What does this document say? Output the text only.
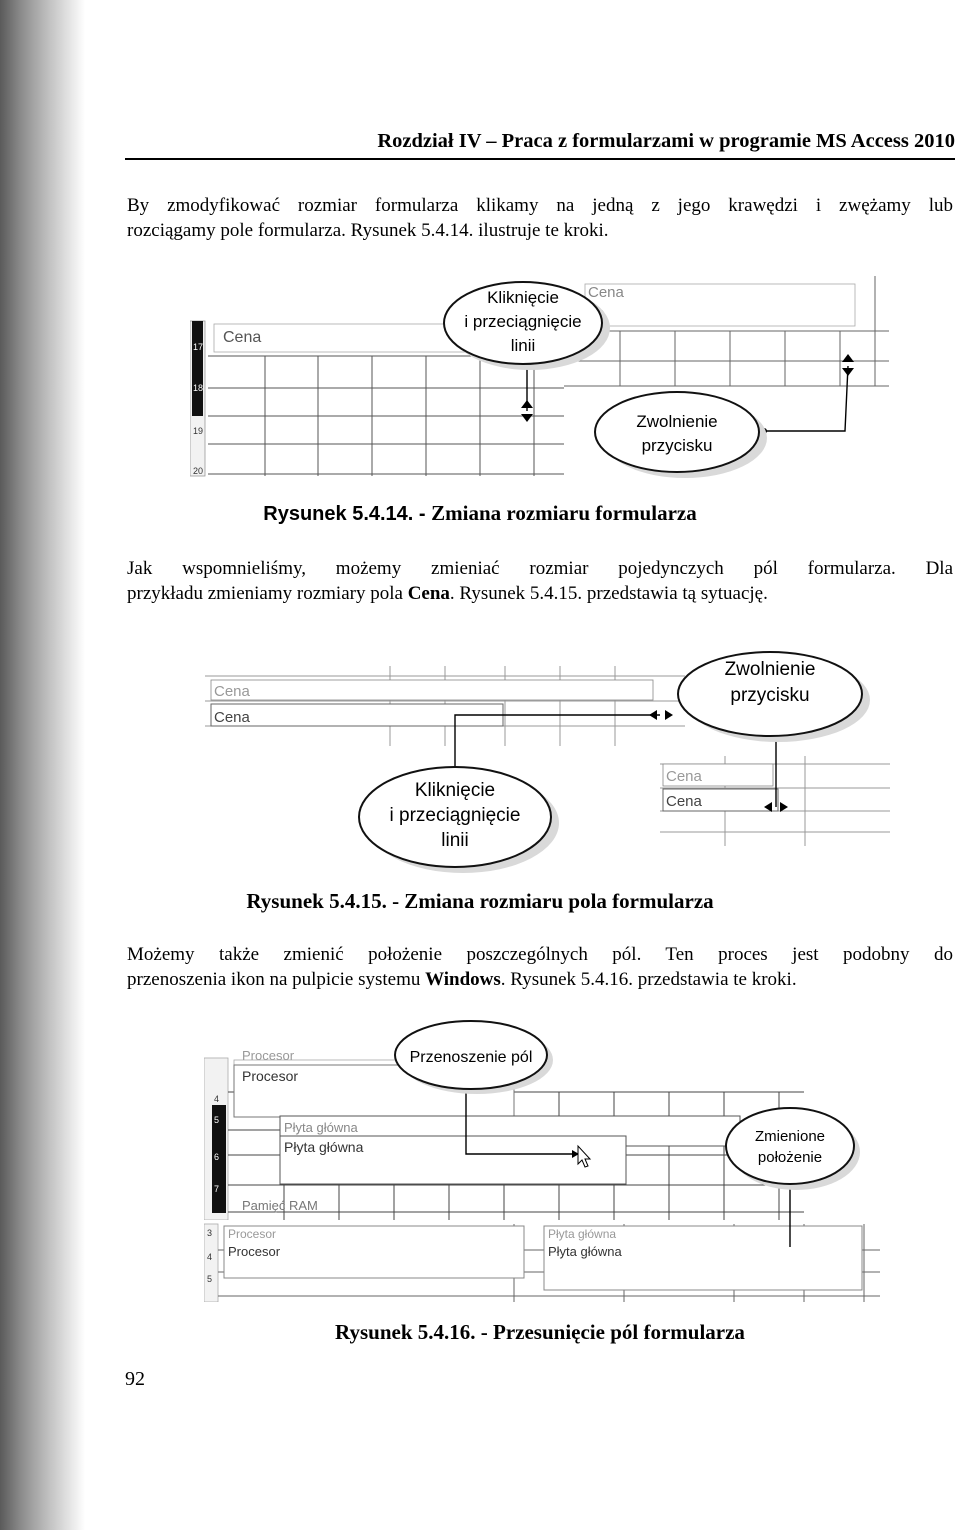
Rozdział IV – Praca z formularzami w programie MS Access 2010
By zmodyfikować rozmiar formularza klikamy na jedną z jego krawędzi i zwężamy lub
rozciągamy pole formularza. Rysunek 5.4.14. ilustruje te kroki.
Cena
17
18
19
20
Cena
Kliknięcie
i przeciągnięcie
linii
Zwolnienie
przycisku
Rysunek 5.4.14. - Zmiana rozmiaru formularza
Jak wspomnieliśmy, możemy zmieniać rozmiar pojedynczych pól formularza. Dla
przykładu zmieniamy rozmiary pola Cena. Rysunek 5.4.15. przedstawia tą sytuację.
Cena
Cena
Cena
Cena
Zwolnienie
przycisku
Kliknięcie
i przeciągnięcie
linii
Rysunek 5.4.15. - Zmiana rozmiaru pola formularza
Możemy także zmienić położenie poszczególnych pól. Ten proces jest podobny do
przenoszenia ikon na pulpicie systemu Windows. Rysunek 5.4.16. przedstawia te kroki.
4
5
6
7
Procesor
Procesor
Płyta główna
Płyta główna
Pamięć RAM
3
4
5
Procesor
Procesor
Płyta główna
Płyta główna
Przenoszenie pól
Zmienione
położenie
Rysunek 5.4.16. - Przesunięcie pól formularza
92
